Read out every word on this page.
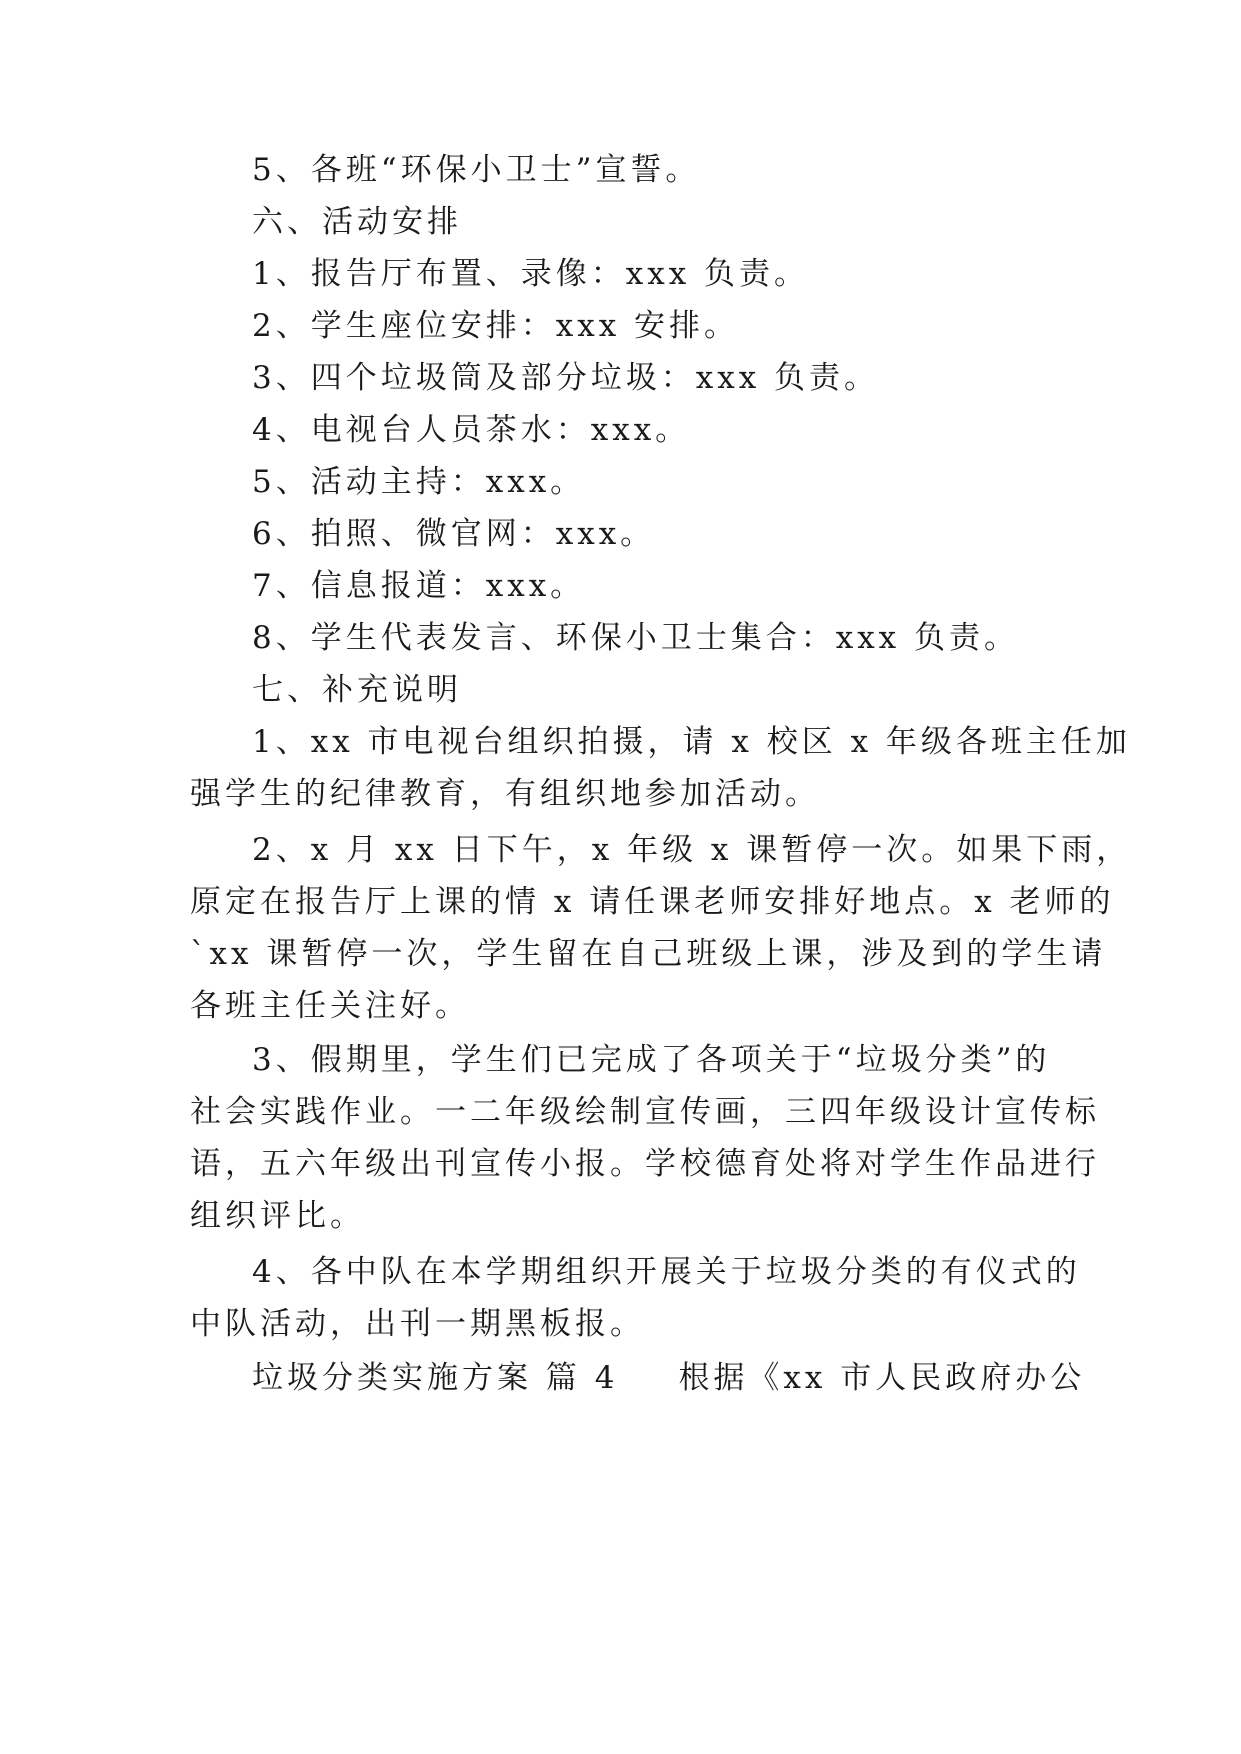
5、各班“环保小卫士”宣誓。
六、活动安排
1、报告厅布置、录像：xxx 负责。
2、学生座位安排：xxx 安排。
3、四个垃圾筒及部分垃圾：xxx 负责。
4、电视台人员茶水：xxx。
5、活动主持：xxx。
6、拍照、微官网：xxx。
7、信息报道：xxx。
8、学生代表发言、环保小卫士集合：xxx 负责。
七、补充说明
1、xx 市电视台组织拍摄，请 x 校区 x 年级各班主任加
强学生的纪律教育，有组织地参加活动。
2、x 月 xx 日下午，x 年级 x 课暂停一次。如果下雨，
原定在报告厅上课的情 x 请任课老师安排好地点。x 老师的
`xx 课暂停一次，学生留在自己班级上课，涉及到的学生请
各班主任关注好。
3、假期里，学生们已完成了各项关于“垃圾分类”的
社会实践作业。一二年级绘制宣传画，三四年级设计宣传标
语，五六年级出刊宣传小报。学校德育处将对学生作品进行
组织评比。
4、各中队在本学期组织开展关于垃圾分类的有仪式的
中队活动，出刊一期黑板报。
垃圾分类实施方案 篇 4 根据《xx 市人民政府办公
